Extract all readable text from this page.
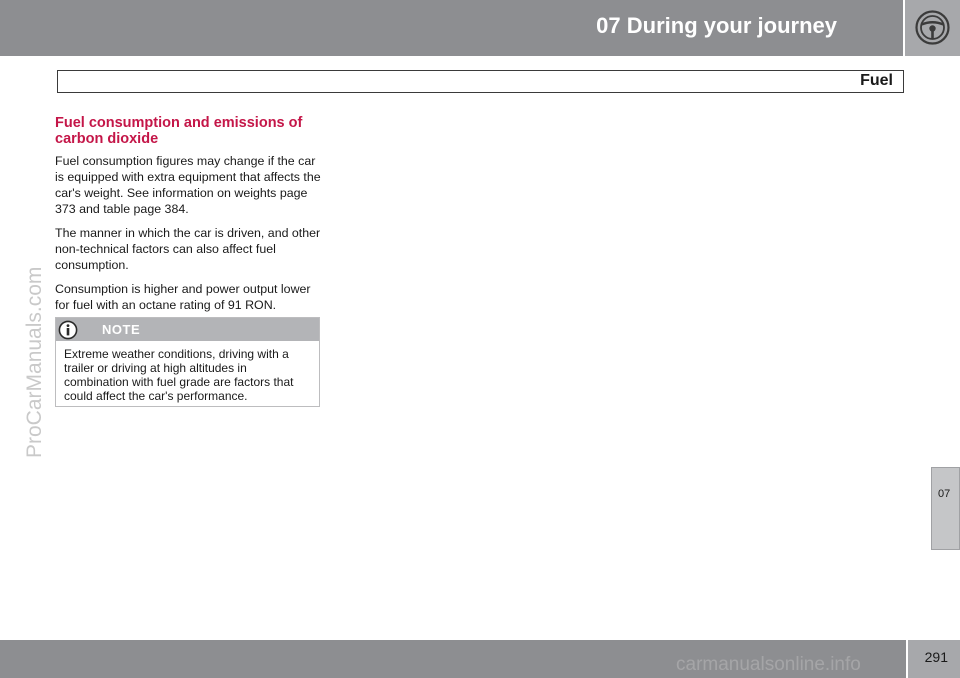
07 During your journey
Fuel
ProCarManuals.com
Fuel consumption and emissions of carbon dioxide

Fuel consumption figures may change if the car is equipped with extra equipment that affects the car's weight. See information on weights page 373 and table page 384.

The manner in which the car is driven, and other non-technical factors can also affect fuel consumption.

Consumption is higher and power output lower for fuel with an octane rating of 91 RON.

NOTE
Extreme weather conditions, driving with a trailer or driving at high altitudes in combination with fuel grade are factors that could affect the car's performance.
07
291
carmanualsonline.info
